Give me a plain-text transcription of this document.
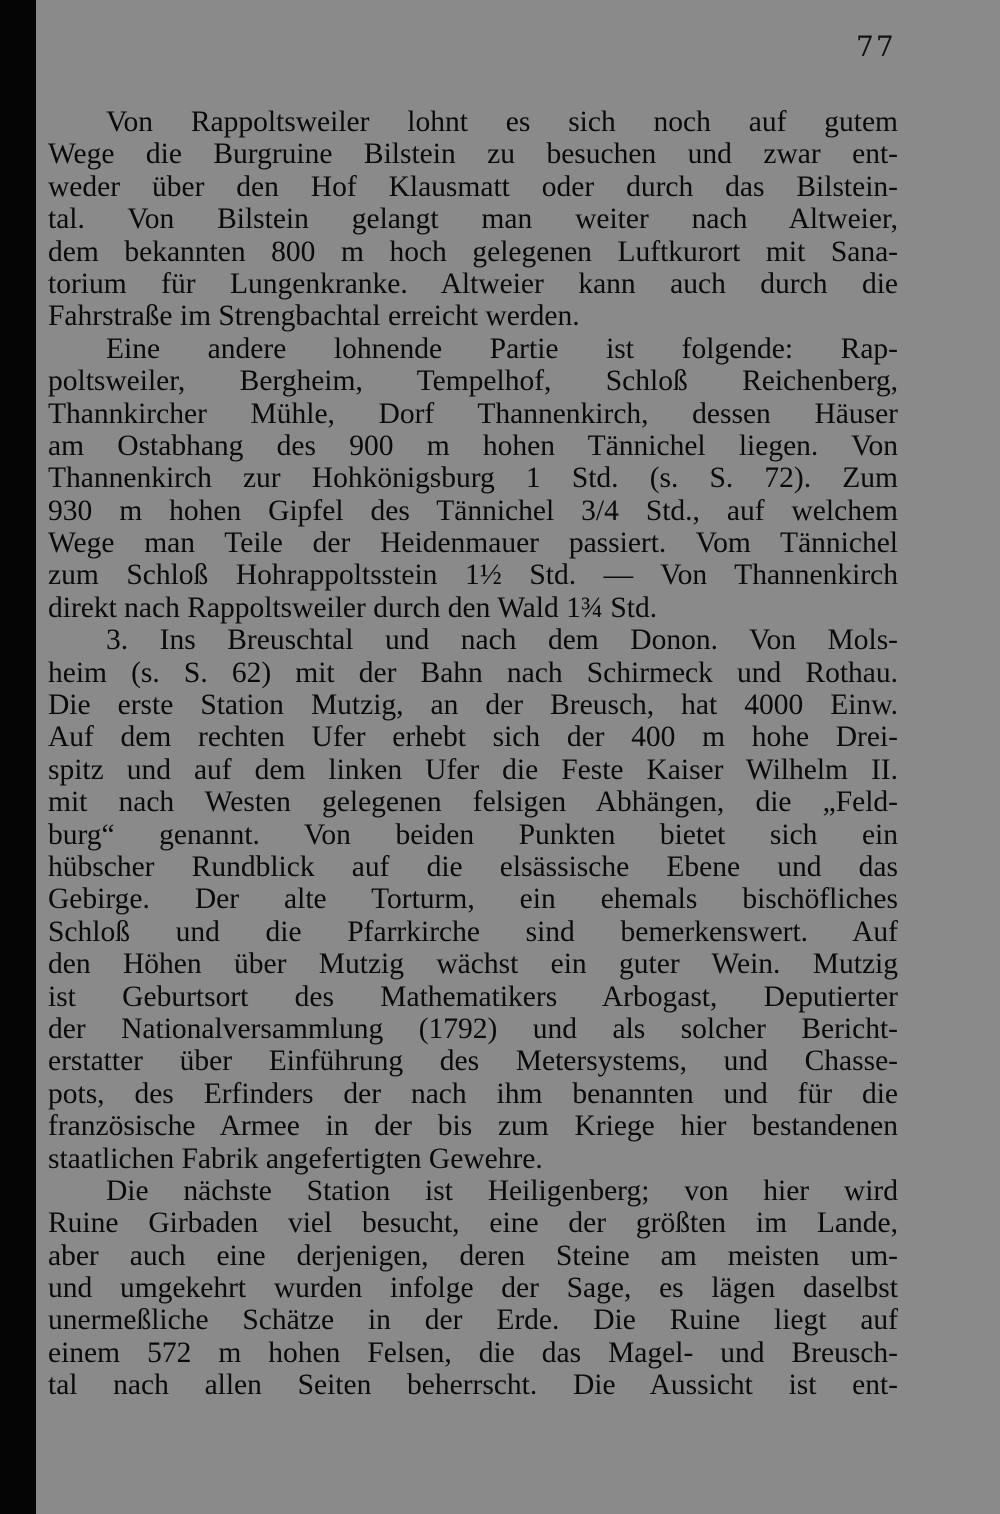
77
Von Rappoltsweiler lohnt es sich noch auf gutem
Wege die Burgruine Bilstein zu besuchen und zwar ent-
weder über den Hof Klausmatt oder durch das Bilstein-
tal. Von Bilstein gelangt man weiter nach Altweier,
dem bekannten 800 m hoch gelegenen Luftkurort mit Sana-
torium für Lungenkranke. Altweier kann auch durch die
Fahrstraße im Strengbachtal erreicht werden.
Eine andere lohnende Partie ist folgende: Rap-
poltsweiler, Bergheim, Tempelhof, Schloß Reichenberg,
Thannkircher Mühle, Dorf Thannenkirch, dessen Häuser
am Ostabhang des 900 m hohen Tännichel liegen. Von
Thannenkirch zur Hohkönigsburg 1 Std. (s. S. 72). Zum
930 m hohen Gipfel des Tännichel 3/4 Std., auf welchem
Wege man Teile der Heidenmauer passiert. Vom Tännichel
zum Schloß Hohrappoltsstein 1½ Std. — Von Thannenkirch
direkt nach Rappoltsweiler durch den Wald 1¾ Std.
3. Ins Breuschtal und nach dem Donon. Von Mols-
heim (s. S. 62) mit der Bahn nach Schirmeck und Rothau.
Die erste Station Mutzig, an der Breusch, hat 4000 Einw.
Auf dem rechten Ufer erhebt sich der 400 m hohe Drei-
spitz und auf dem linken Ufer die Feste Kaiser Wilhelm II.
mit nach Westen gelegenen felsigen Abhängen, die „Feld-
burg“ genannt. Von beiden Punkten bietet sich ein
hübscher Rundblick auf die elsässische Ebene und das
Gebirge. Der alte Torturm, ein ehemals bischöfliches
Schloß und die Pfarrkirche sind bemerkenswert. Auf
den Höhen über Mutzig wächst ein guter Wein. Mutzig
ist Geburtsort des Mathematikers Arbogast, Deputierter
der Nationalversammlung (1792) und als solcher Bericht-
erstatter über Einführung des Metersystems, und Chasse-
pots, des Erfinders der nach ihm benannten und für die
französische Armee in der bis zum Kriege hier bestandenen
staatlichen Fabrik angefertigten Gewehre.
Die nächste Station ist Heiligenberg; von hier wird
Ruine Girbaden viel besucht, eine der größten im Lande,
aber auch eine derjenigen, deren Steine am meisten um-
und umgekehrt wurden infolge der Sage, es lägen daselbst
unermeßliche Schätze in der Erde. Die Ruine liegt auf
einem 572 m hohen Felsen, die das Magel- und Breusch-
tal nach allen Seiten beherrscht. Die Aussicht ist ent-
